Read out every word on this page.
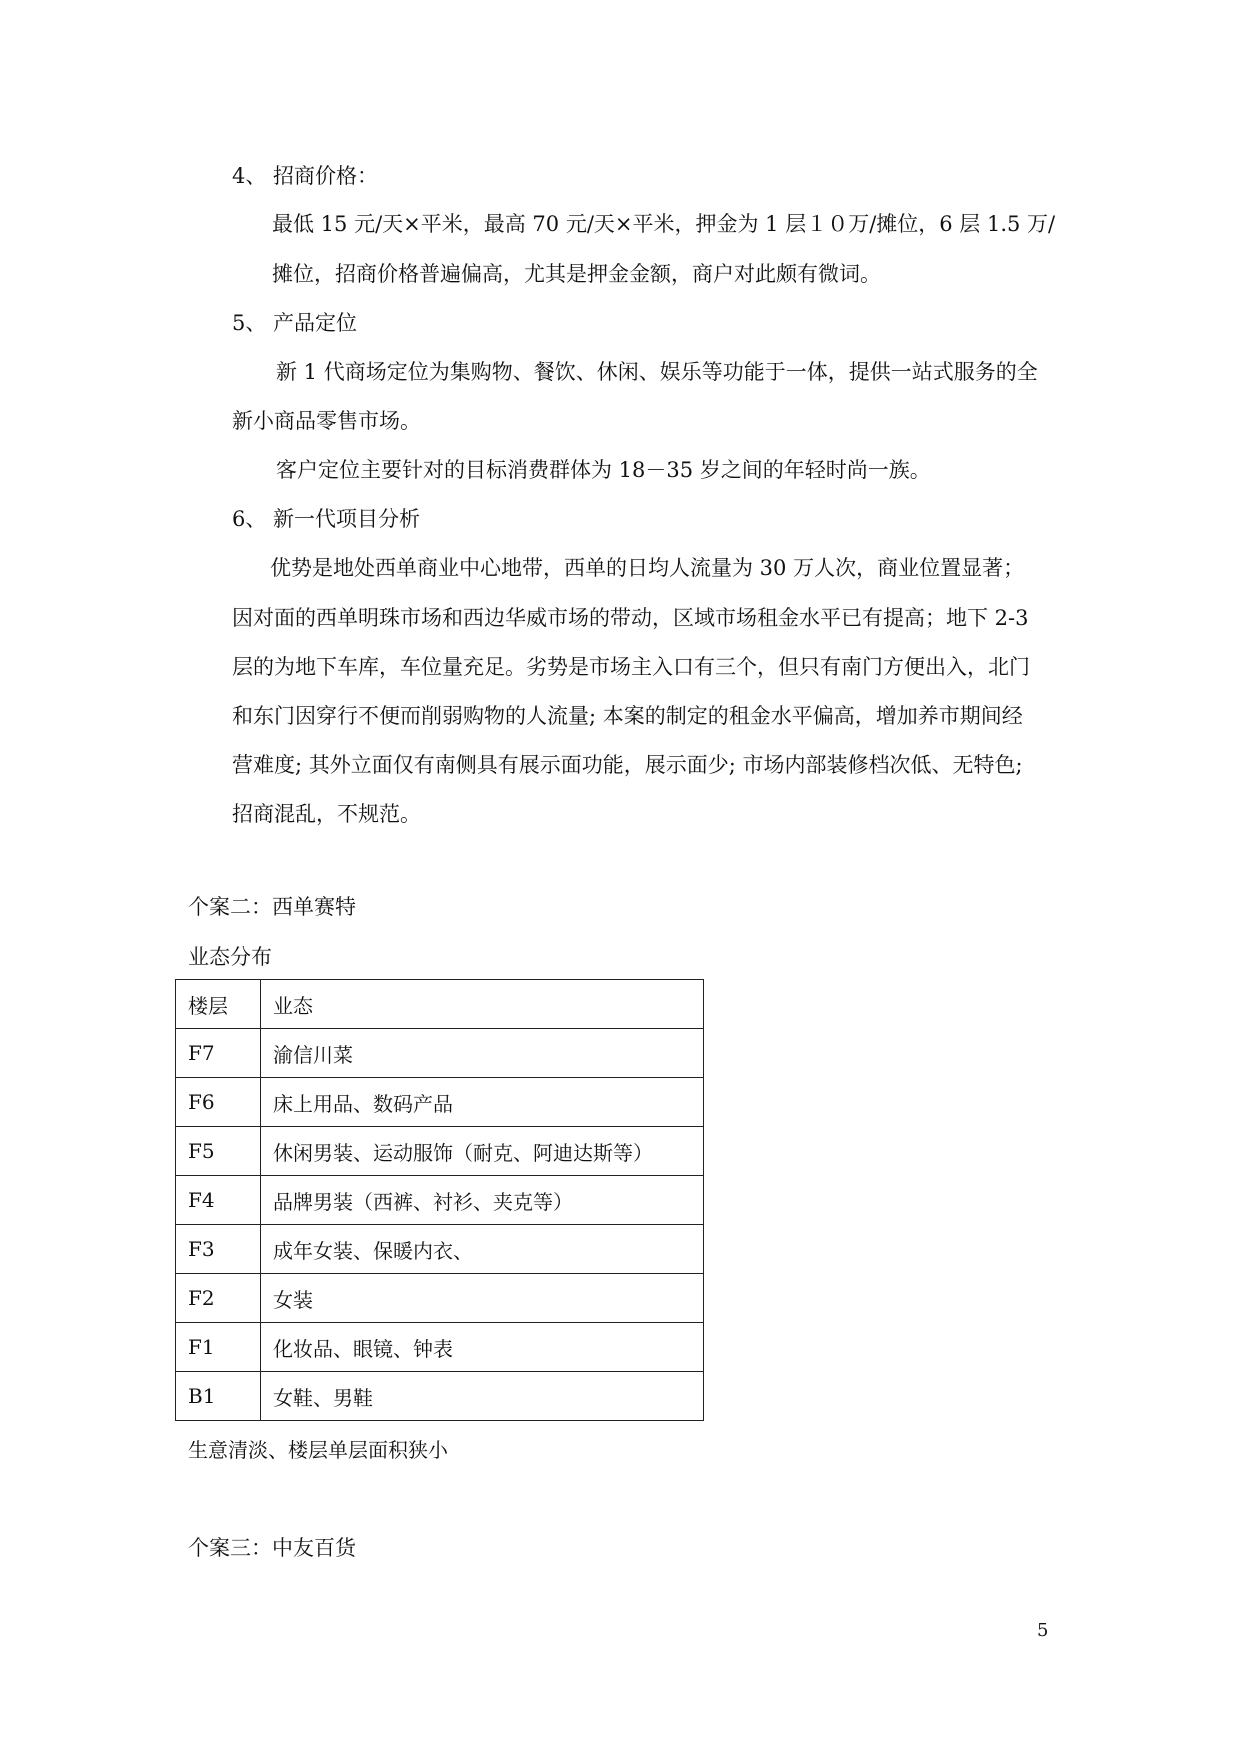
4、 招商价格：
最低 15 元/天×平米，最高 70 元/天×平米，押金为 1 层１０万/摊位，6 层 1.5 万/
摊位，招商价格普遍偏高，尤其是押金金额，商户对此颇有微词。
5、 产品定位
新 1 代商场定位为集购物、餐饮、休闲、娱乐等功能于一体，提供一站式服务的全
新小商品零售市场。
客户定位主要针对的目标消费群体为 18－35 岁之间的年轻时尚一族。
6、 新一代项目分析
优势是地处西单商业中心地带，西单的日均人流量为 30 万人次，商业位置显著；
因对面的西单明珠市场和西边华威市场的带动，区域市场租金水平已有提高；地下 2-3
层的为地下车库，车位量充足。劣势是市场主入口有三个，但只有南门方便出入，北门
和东门因穿行不便而削弱购物的人流量; 本案的制定的租金水平偏高，增加养市期间经
营难度; 其外立面仅有南侧具有展示面功能，展示面少; 市场内部装修档次低、无特色;
招商混乱，不规范。
个案二：西单赛特
业态分布
楼层	业态
F7	渝信川菜
F6	床上用品、数码产品
F5	休闲男装、运动服饰（耐克、阿迪达斯等）
F4	品牌男装（西裤、衬衫、夹克等）
F3	成年女装、保暖内衣、
F2	女装
F1	化妆品、眼镜、钟表
B1	女鞋、男鞋
生意清淡、楼层单层面积狭小
个案三：中友百货
5
